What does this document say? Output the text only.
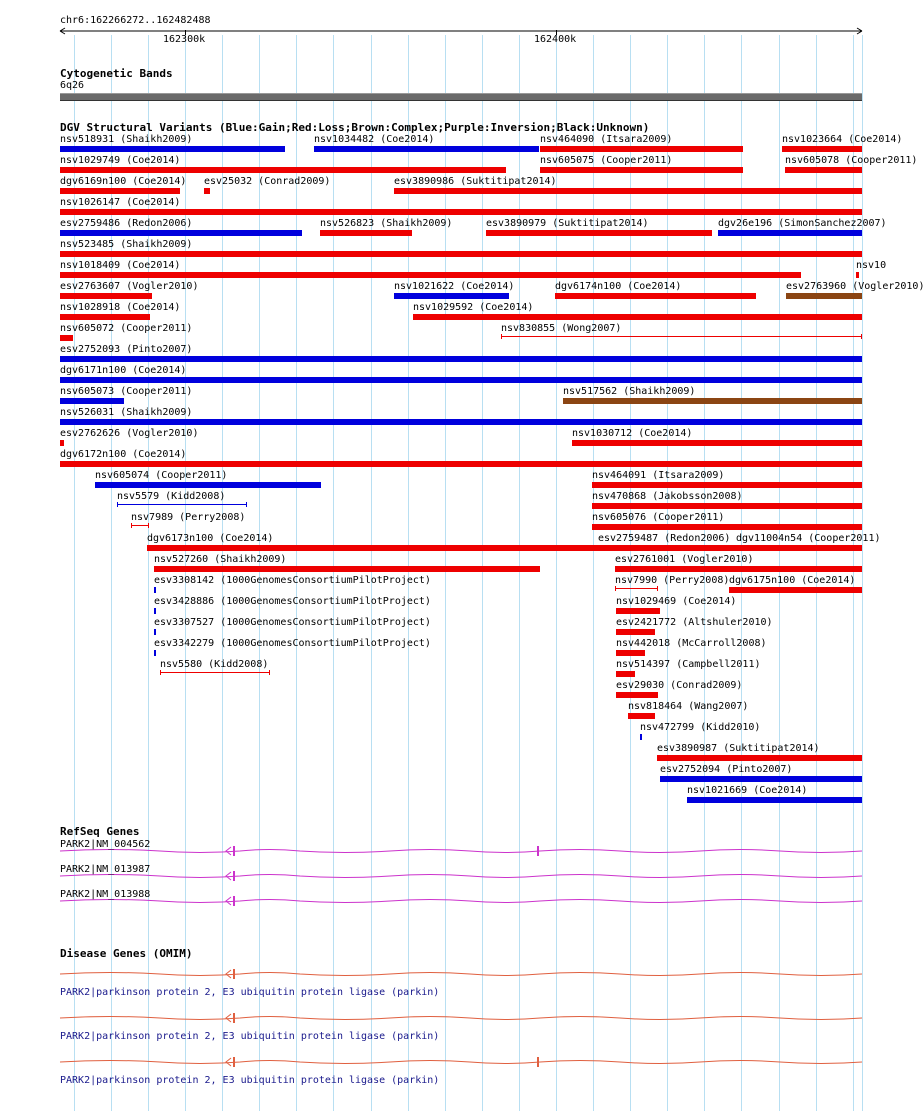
chr6:162266272..162482488
162300k	162400k
Cytogenetic Bands
6q26
DGV Structural Variants (Blue:Gain;Red:Loss;Brown:Complex;Purple:Inversion;Black:Unknown)
nsv518931 (Shaikh2009)	nsv1034482 (Coe2014)	nsv464090 (Itsara2009)	nsv1023664 (Coe2014)
nsv1029749 (Coe2014)	nsv605075 (Cooper2011)	nsv605078 (Cooper2011)
dgv6169n100 (Coe2014) esv25032 (Conrad2009)	esv3890986 (Suktitipat2014)
nsv1026147 (Coe2014)
esv2759486 (Redon2006)	nsv526823 (Shaikh2009)	esv3890979 (Suktitipat2014)	dgv26e196 (SimonSanchez2007)
nsv523485 (Shaikh2009)
nsv1018409 (Coe2014)	nsv10
esv2763607 (Vogler2010)	nsv1021622 (Coe2014)	dgv6174n100 (Coe2014)	esv2763960 (Vogler2010)
nsv1028918 (Coe2014)	nsv1029592 (Coe2014)
nsv605072 (Cooper2011)	nsv830855 (Wong2007)
esv2752093 (Pinto2007)
dgv6171n100 (Coe2014)
nsv605073 (Cooper2011)	nsv517562 (Shaikh2009)
nsv526031 (Shaikh2009)
esv2762626 (Vogler2010)	nsv1030712 (Coe2014)
dgv6172n100 (Coe2014)
nsv605074 (Cooper2011)	nsv464091 (Itsara2009)
nsv5579 (Kidd2008)	nsv470868 (Jakobsson2008)
nsv7989 (Perry2008)	nsv605076 (Cooper2011)
dgv6173n100 (Coe2014)	esv2759487 (Redon2006) dgv11004n54 (Cooper2011)
nsv527260 (Shaikh2009)	esv2761001 (Vogler2010)
esv3308142 (1000GenomesConsortiumPilotProject)	nsv7990 (Perry2008) dgv6175n100 (Coe2014)
esv3428886 (1000GenomesConsortiumPilotProject)	nsv1029469 (Coe2014)
esv3307527 (1000GenomesConsortiumPilotProject)	esv2421772 (Altshuler2010)
esv3342279 (1000GenomesConsortiumPilotProject)	nsv442018 (McCarroll2008)
nsv5580 (Kidd2008)	nsv514397 (Campbell2011)
esv29030 (Conrad2009)
nsv818464 (Wang2007)
nsv472799 (Kidd2010)
esv3890987 (Suktitipat2014)
esv2752094 (Pinto2007)
nsv1021669 (Coe2014)
RefSeq Genes
PARK2|NM_004562
PARK2|NM_013987
PARK2|NM_013988
Disease Genes (OMIM)
PARK2|parkinson protein 2, E3 ubiquitin protein ligase (parkin)
PARK2|parkinson protein 2, E3 ubiquitin protein ligase (parkin)
PARK2|parkinson protein 2, E3 ubiquitin protein ligase (parkin)
